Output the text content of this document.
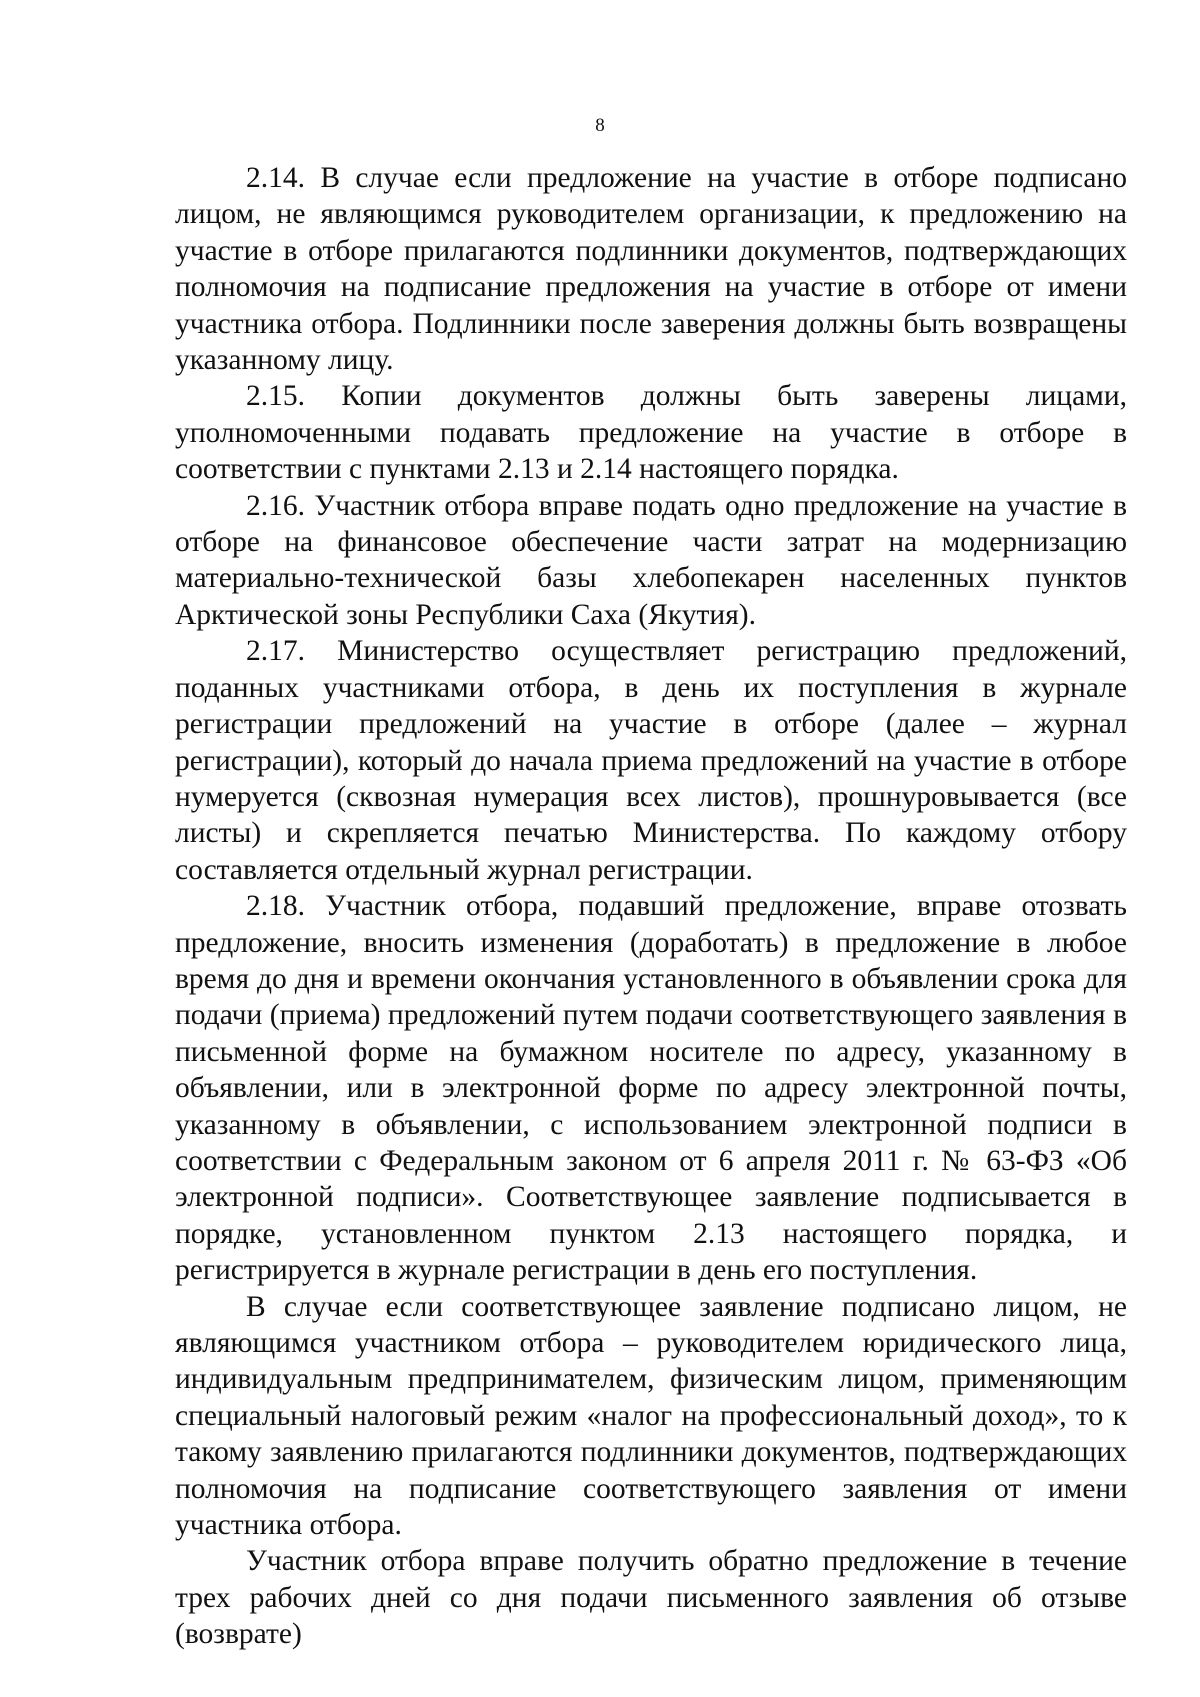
8

2.14. В случае если предложение на участие в отборе подписано лицом, не являющимся руководителем организации, к предложению на участие в отборе прилагаются подлинники документов, подтверждающих полномочия на подписание предложения на участие в отборе от имени участника отбора. Подлинники после заверения должны быть возвращены указанному лицу.

2.15. Копии документов должны быть заверены лицами, уполномоченными подавать предложение на участие в отборе в соответствии с пунктами 2.13 и 2.14 настоящего порядка.

2.16. Участник отбора вправе подать одно предложение на участие в отборе на финансовое обеспечение части затрат на модернизацию материально-технической базы хлебопекарен населенных пунктов Арктической зоны Республики Саха (Якутия).

2.17. Министерство осуществляет регистрацию предложений, поданных участниками отбора, в день их поступления в журнале регистрации предложений на участие в отборе (далее – журнал регистрации), который до начала приема предложений на участие в отборе нумеруется (сквозная нумерация всех листов), прошнуровывается (все листы) и скрепляется печатью Министерства. По каждому отбору составляется отдельный журнал регистрации.

2.18. Участник отбора, подавший предложение, вправе отозвать предложение, вносить изменения (доработать) в предложение в любое время до дня и времени окончания установленного в объявлении срока для подачи (приема) предложений путем подачи соответствующего заявления в письменной форме на бумажном носителе по адресу, указанному в объявлении, или в электронной форме по адресу электронной почты, указанному в объявлении, с использованием электронной подписи в соответствии с Федеральным законом от 6 апреля 2011 г. № 63-ФЗ «Об электронной подписи». Соответствующее заявление подписывается в порядке, установленном пунктом 2.13 настоящего порядка, и регистрируется в журнале регистрации в день его поступления.

В случае если соответствующее заявление подписано лицом, не являющимся участником отбора – руководителем юридического лица, индивидуальным предпринимателем, физическим лицом, применяющим специальный налоговый режим «налог на профессиональный доход», то к такому заявлению прилагаются подлинники документов, подтверждающих полномочия на подписание соответствующего заявления от имени участника отбора.

Участник отбора вправе получить обратно предложение в течение трех рабочих дней со дня подачи письменного заявления об отзыве (возврате)
